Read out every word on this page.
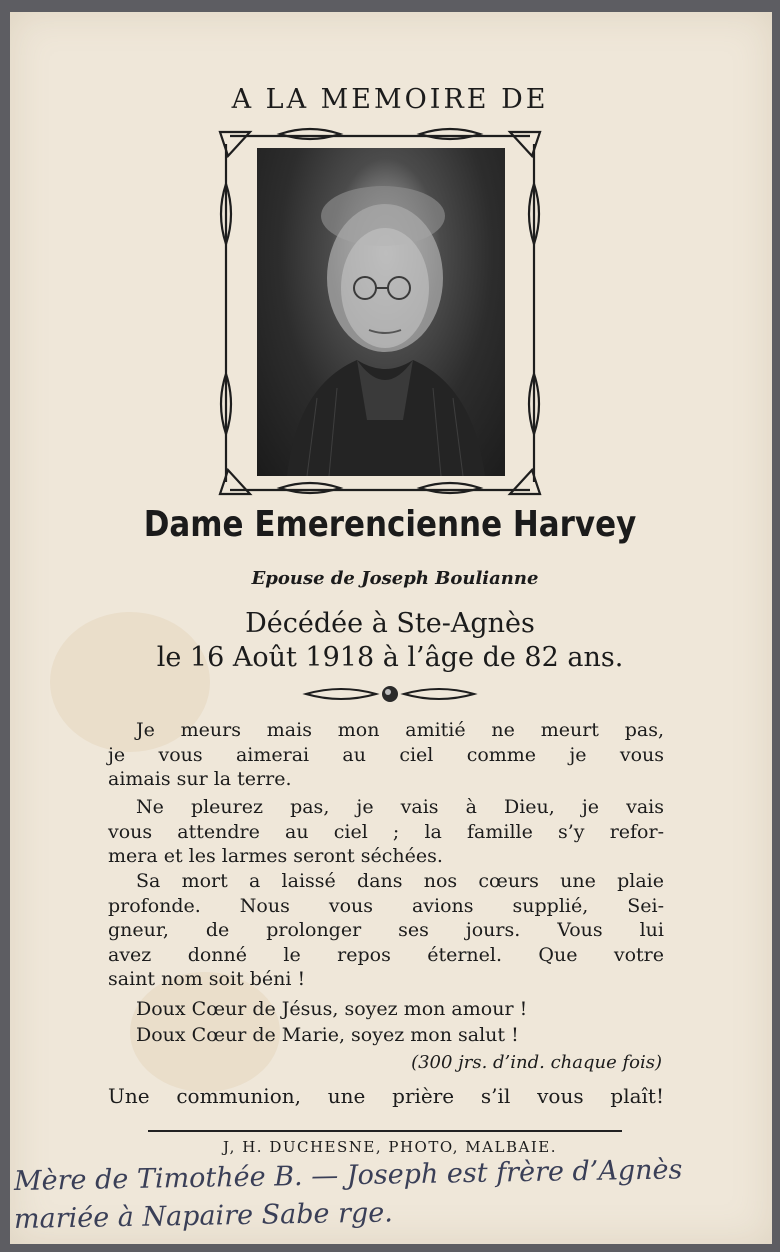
A LA MEMOIRE DE
Dame Emerencienne Harvey
Epouse de Joseph Boulianne
Décédée à Ste-Agnès
le 16 Août 1918 à l’âge de 82 ans.
Je meurs mais mon amitié ne meurt pas,
je vous aimerai au ciel comme je vous
aimais sur la terre.
Ne pleurez pas, je vais à Dieu, je vais
vous attendre au ciel ; la famille s’y refor-
mera et les larmes seront séchées.
Sa mort a laissé dans nos cœurs une plaie
profonde. Nous vous avions supplié, Sei-
gneur, de prolonger ses jours. Vous lui
avez donné le repos éternel. Que votre
saint nom soit béni !
Doux Cœur de Jésus, soyez mon amour !
Doux Cœur de Marie, soyez mon salut !
(300 jrs. d’ind. chaque fois)
Une communion, une prière s’il vous plaît!
J, H. DUCHESNE, PHOTO, MALBAIE.
Mère de Timothée B. — Joseph est frère d’Agnès
mariée à Napaire Sabe rge.
